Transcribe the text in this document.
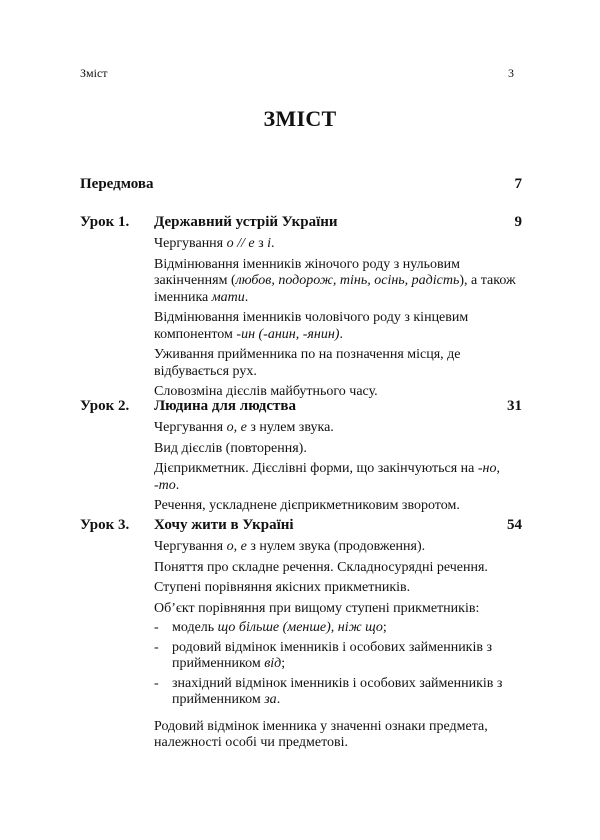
Зміст	3
ЗМІСТ
Передмова	7
Урок 1. Державний устрій України	9
Чергування о // е з і.
Відмінювання іменників жіночого роду з нульовим закінченням (любов, подорож, тінь, осінь, радість), а також іменника мати.
Відмінювання іменників чоловічого роду з кінцевим компонентом -ин (-анин, -янин).
Уживання прийменника по на позначення місця, де відбувається рух.
Словозміна дієслів майбутнього часу.
Урок 2. Людина для людства	31
Чергування о, е з нулем звука.
Вид дієслів (повторення).
Дієприкметник. Дієслівні форми, що закінчуються на -но, -то.
Речення, ускладнене дієприкметниковим зворотом.
Урок 3. Хочу жити в Україні	54
Чергування о, е з нулем звука (продовження).
Поняття про складне речення. Складносурядні речення.
Ступені порівняння якісних прикметників.
Об’єкт порівняння при вищому ступені прикметників:
- модель що більше (менше), ніж що;
- родовий відмінок іменників і особових займенників з прийменником від;
- знахідний відмінок іменників і особових займенників з прийменником за.
Родовий відмінок іменника у значенні ознаки предмета, належності особі чи предметові.
